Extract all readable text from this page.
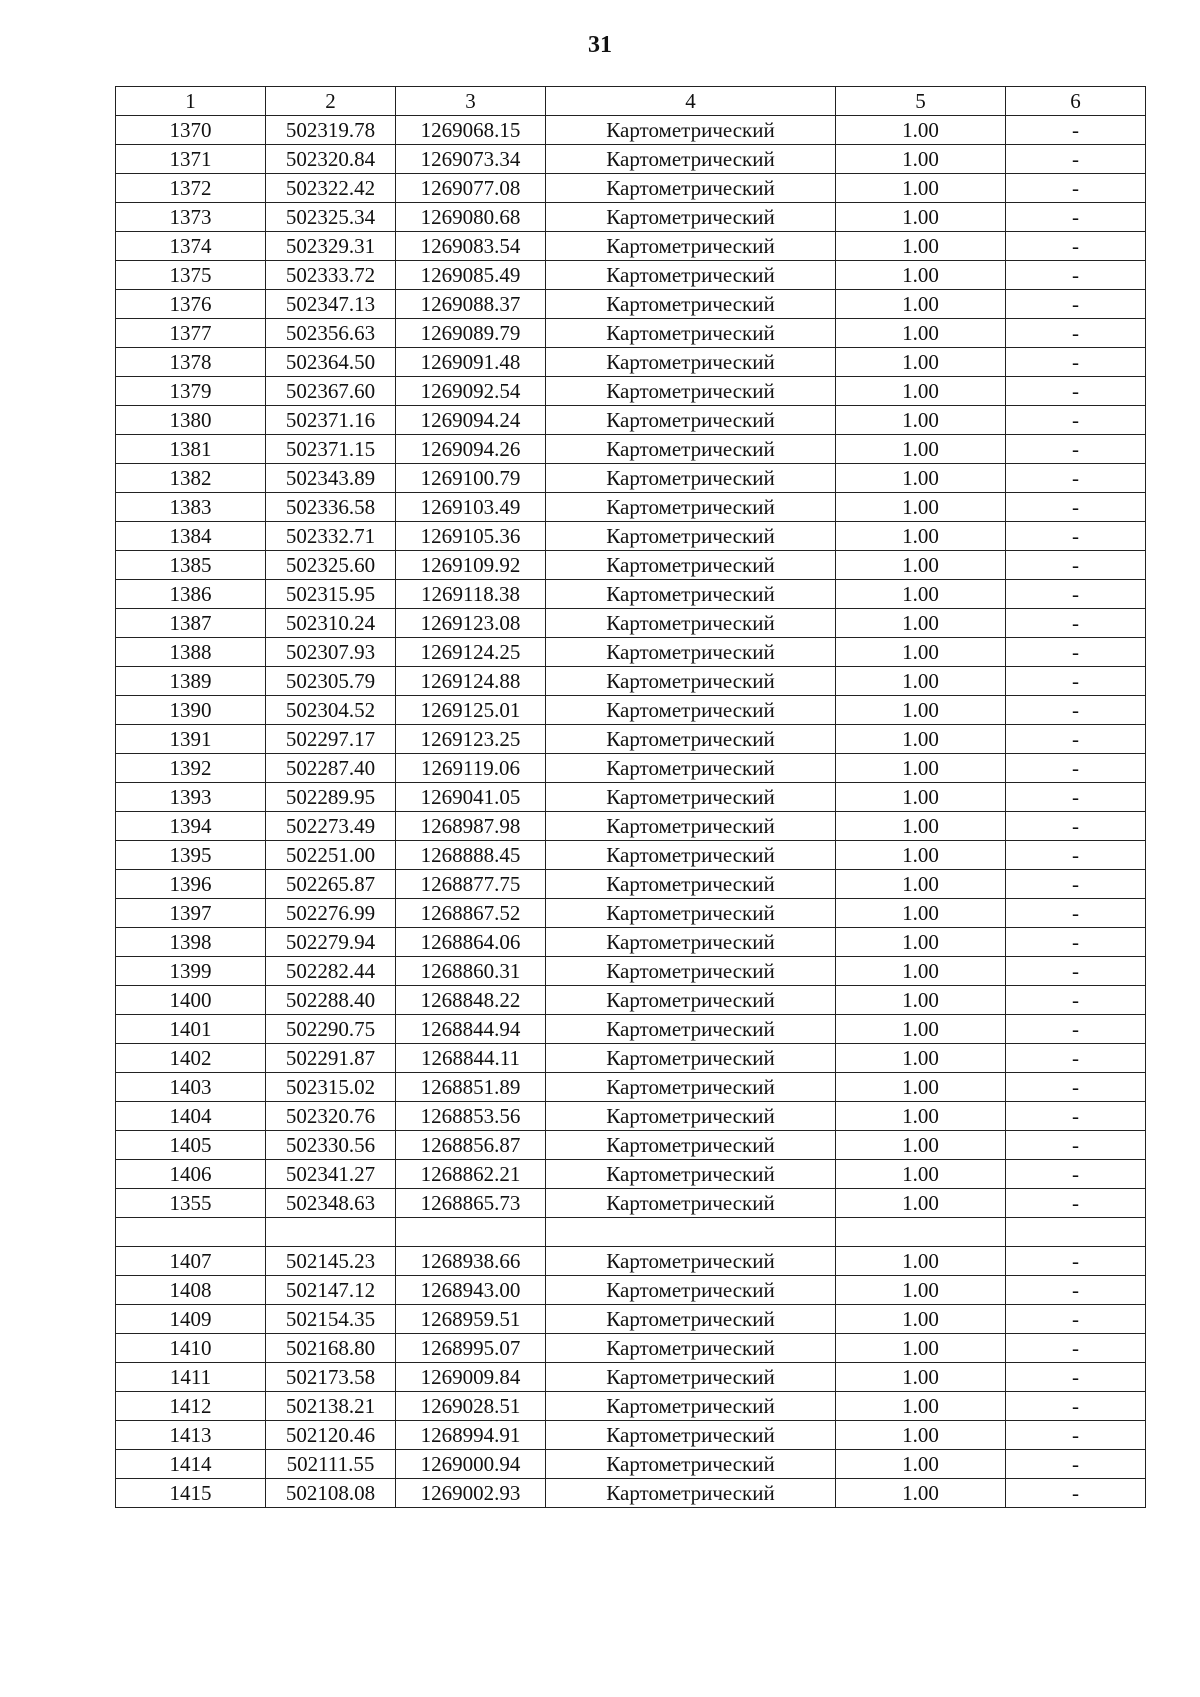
31
1	2	3	4	5	6
1370	502319.78	1269068.15	Картометрический	1.00	-
1371	502320.84	1269073.34	Картометрический	1.00	-
1372	502322.42	1269077.08	Картометрический	1.00	-
1373	502325.34	1269080.68	Картометрический	1.00	-
1374	502329.31	1269083.54	Картометрический	1.00	-
1375	502333.72	1269085.49	Картометрический	1.00	-
1376	502347.13	1269088.37	Картометрический	1.00	-
1377	502356.63	1269089.79	Картометрический	1.00	-
1378	502364.50	1269091.48	Картометрический	1.00	-
1379	502367.60	1269092.54	Картометрический	1.00	-
1380	502371.16	1269094.24	Картометрический	1.00	-
1381	502371.15	1269094.26	Картометрический	1.00	-
1382	502343.89	1269100.79	Картометрический	1.00	-
1383	502336.58	1269103.49	Картометрический	1.00	-
1384	502332.71	1269105.36	Картометрический	1.00	-
1385	502325.60	1269109.92	Картометрический	1.00	-
1386	502315.95	1269118.38	Картометрический	1.00	-
1387	502310.24	1269123.08	Картометрический	1.00	-
1388	502307.93	1269124.25	Картометрический	1.00	-
1389	502305.79	1269124.88	Картометрический	1.00	-
1390	502304.52	1269125.01	Картометрический	1.00	-
1391	502297.17	1269123.25	Картометрический	1.00	-
1392	502287.40	1269119.06	Картометрический	1.00	-
1393	502289.95	1269041.05	Картометрический	1.00	-
1394	502273.49	1268987.98	Картометрический	1.00	-
1395	502251.00	1268888.45	Картометрический	1.00	-
1396	502265.87	1268877.75	Картометрический	1.00	-
1397	502276.99	1268867.52	Картометрический	1.00	-
1398	502279.94	1268864.06	Картометрический	1.00	-
1399	502282.44	1268860.31	Картометрический	1.00	-
1400	502288.40	1268848.22	Картометрический	1.00	-
1401	502290.75	1268844.94	Картометрический	1.00	-
1402	502291.87	1268844.11	Картометрический	1.00	-
1403	502315.02	1268851.89	Картометрический	1.00	-
1404	502320.76	1268853.56	Картометрический	1.00	-
1405	502330.56	1268856.87	Картометрический	1.00	-
1406	502341.27	1268862.21	Картометрический	1.00	-
1355	502348.63	1268865.73	Картометрический	1.00	-

1407	502145.23	1268938.66	Картометрический	1.00	-
1408	502147.12	1268943.00	Картометрический	1.00	-
1409	502154.35	1268959.51	Картометрический	1.00	-
1410	502168.80	1268995.07	Картометрический	1.00	-
1411	502173.58	1269009.84	Картометрический	1.00	-
1412	502138.21	1269028.51	Картометрический	1.00	-
1413	502120.46	1268994.91	Картометрический	1.00	-
1414	502111.55	1269000.94	Картометрический	1.00	-
1415	502108.08	1269002.93	Картометрический	1.00	-
